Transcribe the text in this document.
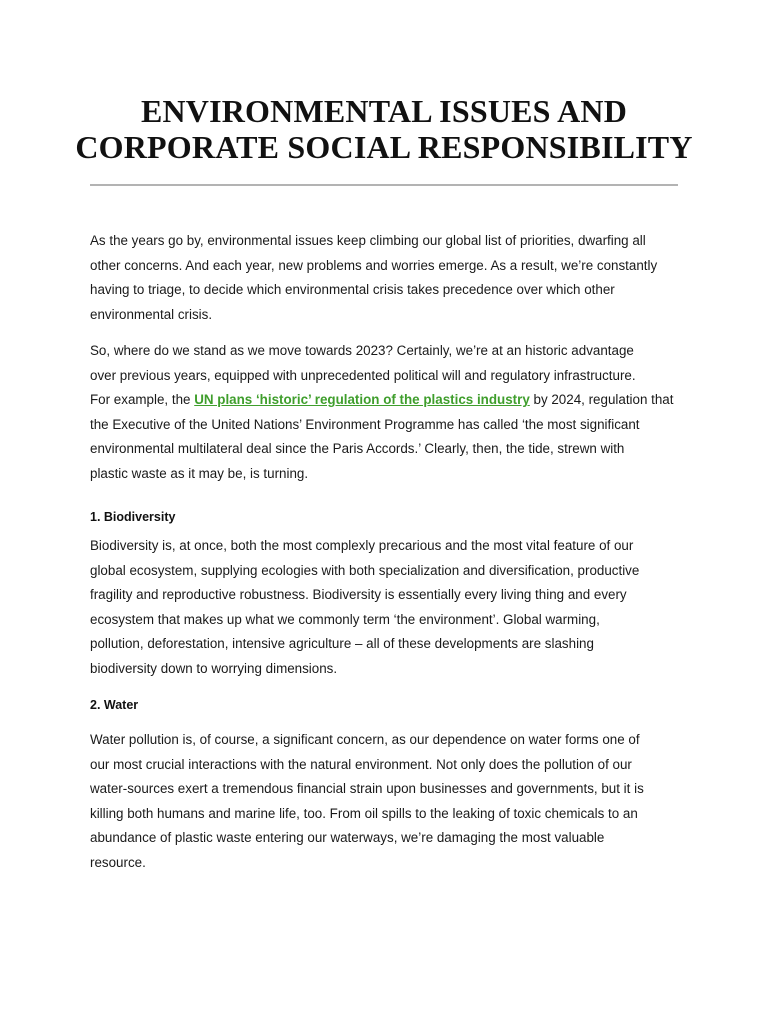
ENVIRONMENTAL ISSUES AND
CORPORATE SOCIAL RESPONSIBILITY

As the years go by, environmental issues keep climbing our global list of priorities, dwarfing all
other concerns. And each year, new problems and worries emerge. As a result, we’re constantly
having to triage, to decide which environmental crisis takes precedence over which other
environmental crisis.

So, where do we stand as we move towards 2023? Certainly, we’re at an historic advantage
over previous years, equipped with unprecedented political will and regulatory infrastructure.
For example, the UN plans ‘historic’ regulation of the plastics industry by 2024, regulation that
the Executive of the United Nations’ Environment Programme has called ‘the most significant
environmental multilateral deal since the Paris Accords.’ Clearly, then, the tide, strewn with
plastic waste as it may be, is turning.

1. Biodiversity

Biodiversity is, at once, both the most complexly precarious and the most vital feature of our
global ecosystem, supplying ecologies with both specialization and diversification, productive
fragility and reproductive robustness. Biodiversity is essentially every living thing and every
ecosystem that makes up what we commonly term ‘the environment’. Global warming,
pollution, deforestation, intensive agriculture – all of these developments are slashing
biodiversity down to worrying dimensions.

2. Water

Water pollution is, of course, a significant concern, as our dependence on water forms one of
our most crucial interactions with the natural environment. Not only does the pollution of our
water-sources exert a tremendous financial strain upon businesses and governments, but it is
killing both humans and marine life, too. From oil spills to the leaking of toxic chemicals to an
abundance of plastic waste entering our waterways, we’re damaging the most valuable
resource.
